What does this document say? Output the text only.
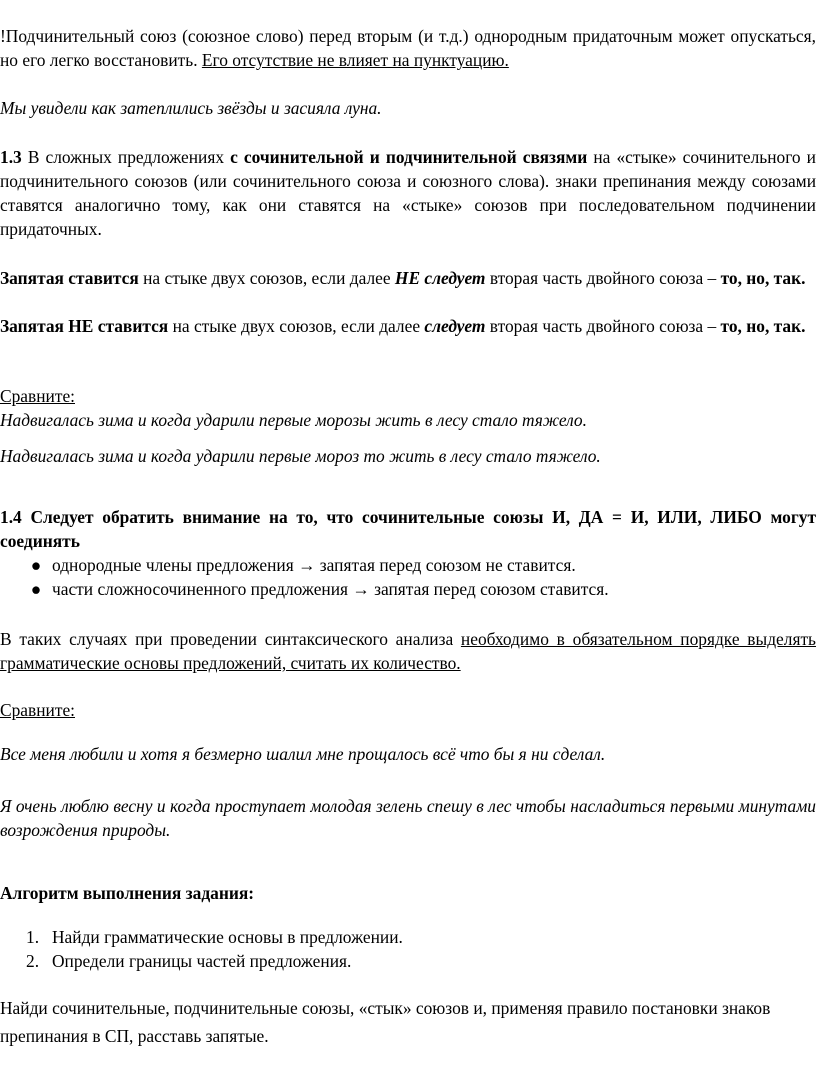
!Подчинительный союз (союзное слово) перед вторым (и т.д.) однородным придаточным может опускаться, но его легко восстановить. Его отсутствие не влияет на пунктуацию.

Мы увидели как затеплились звёзды и засияла луна.

1.3 В сложных предложениях с сочинительной и подчинительной связями на «стыке» сочинительного и подчинительного союзов (или сочинительного союза и союзного слова). знаки препинания между союзами ставятся аналогично тому, как они ставятся на «стыке» союзов при последовательном подчинении придаточных.

Запятая ставится на стыке двух союзов, если далее НЕ следует вторая часть двойного союза – то, но, так.

Запятая НЕ ставится на стыке двух союзов, если далее следует вторая часть двойного союза – то, но, так.

Сравните:

Надвигалась зима и когда ударили первые морозы жить в лесу стало тяжело.

Надвигалась зима и когда ударили первые мороз то жить в лесу стало тяжело.

1.4 Следует обратить внимание на то, что сочинительные союзы И, ДА = И, ИЛИ, ЛИБО могут соединять

● однородные члены предложения → запятая перед союзом не ставится.
● части сложносочиненного предложения → запятая перед союзом ставится.

В таких случаях при проведении синтаксического анализа необходимо в обязательном порядке выделять грамматические основы предложений, считать их количество.

Сравните:

Все меня любили и хотя я безмерно шалил мне прощалось всё что бы я ни сделал.

Я очень люблю весну и когда проступает молодая зелень спешу в лес чтобы насладиться первыми минутами возрождения природы.

Алгоритм выполнения задания:

1. Найди грамматические основы в предложении.
2. Определи границы частей предложения.

Найди сочинительные, подчинительные союзы, «стык» союзов и, применяя правило постановки знаков препинания в СП, расставь запятые.
